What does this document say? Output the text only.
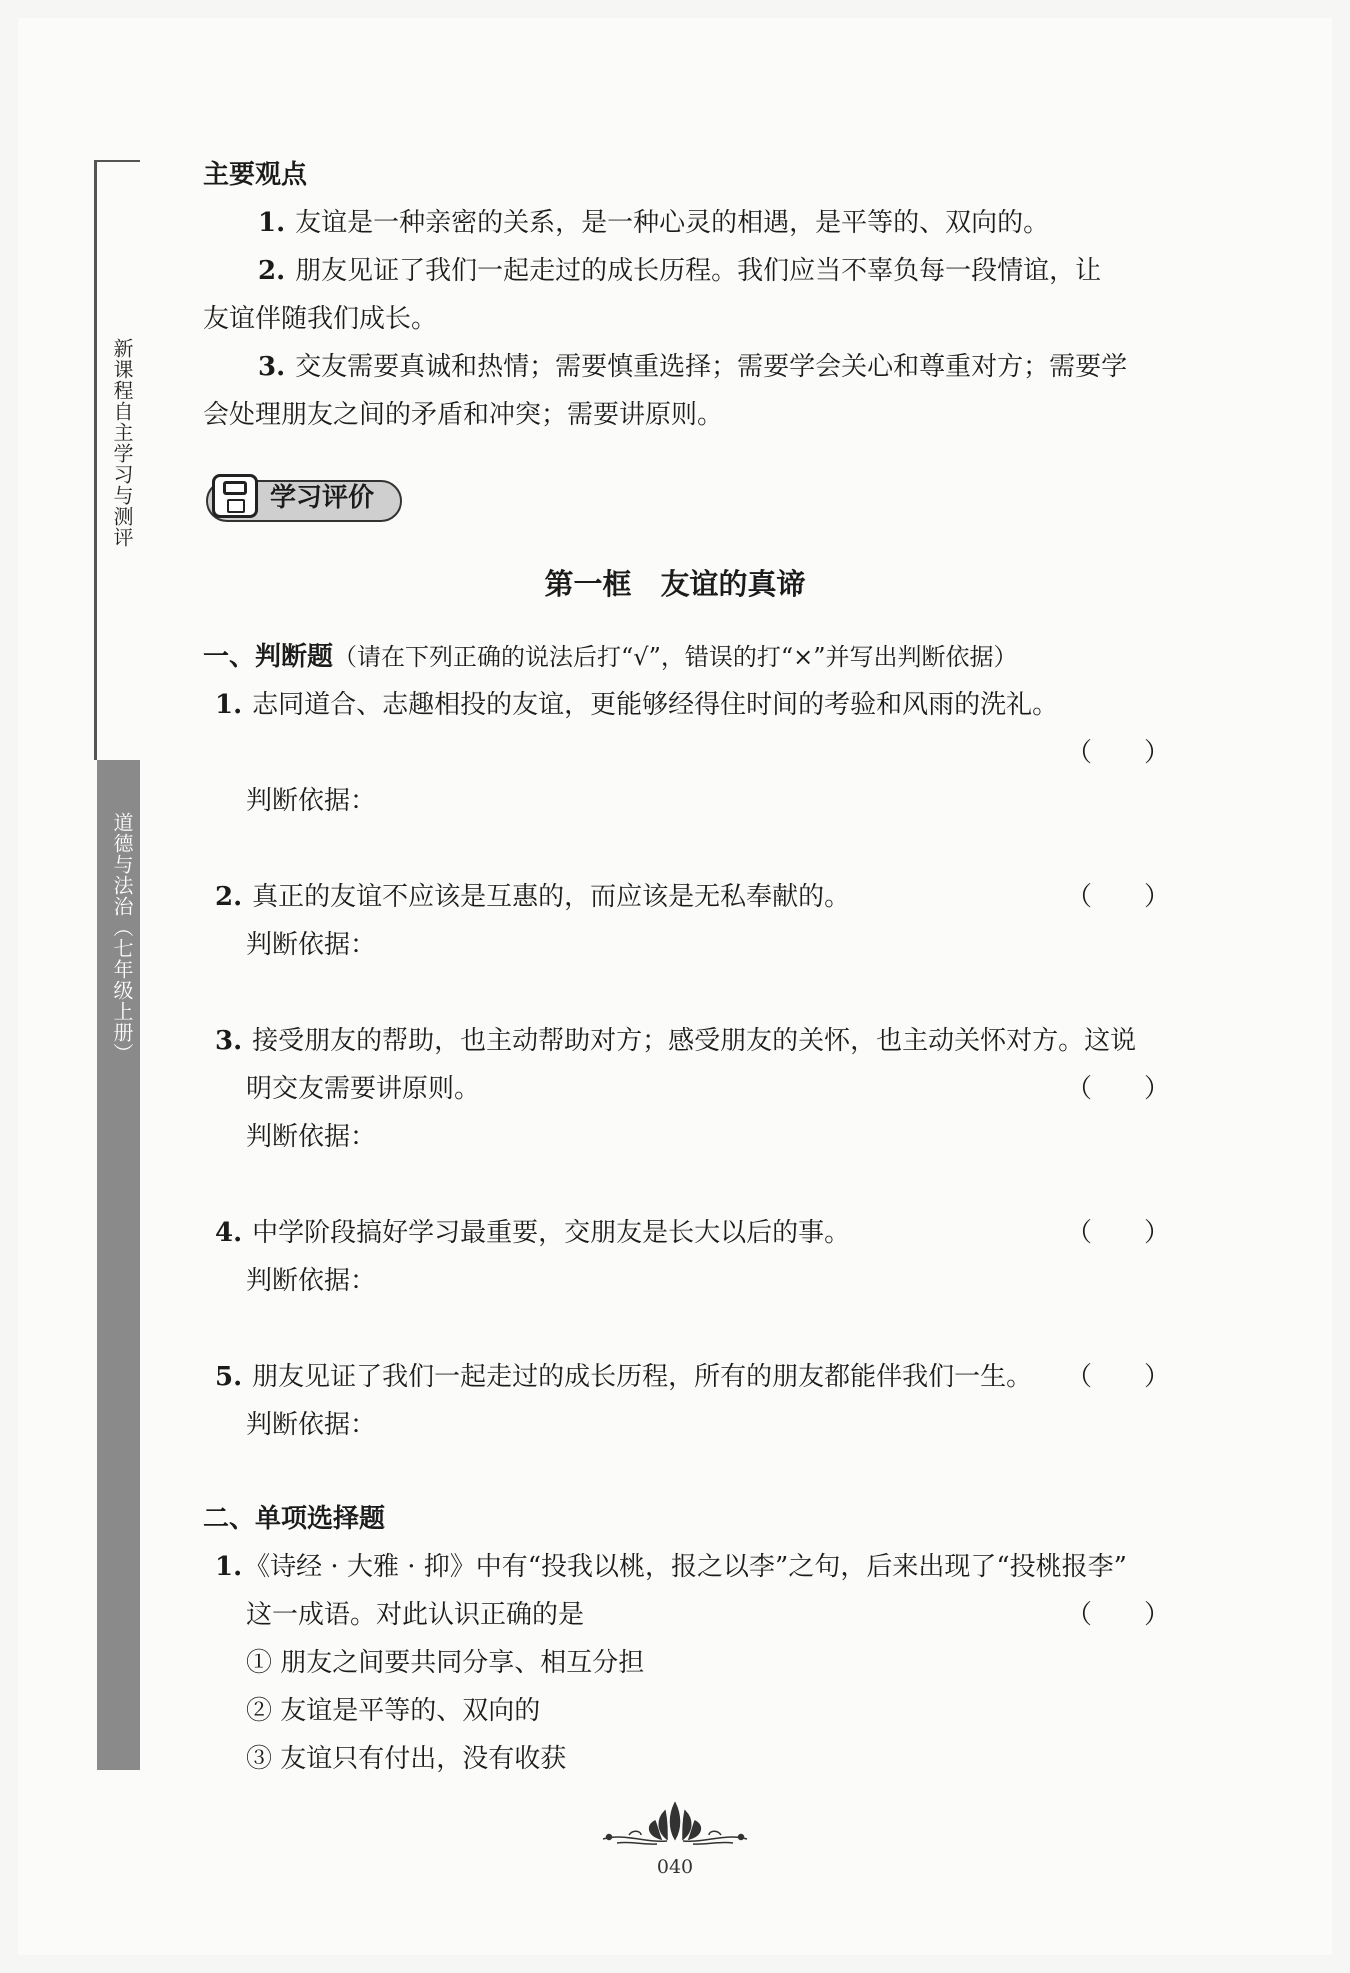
新课程自主学习与测评
道德与法治（七年级上册）
主要观点
1. 友谊是一种亲密的关系，是一种心灵的相遇，是平等的、双向的。
2. 朋友见证了我们一起走过的成长历程。我们应当不辜负每一段情谊，让
友谊伴随我们成长。
3. 交友需要真诚和热情；需要慎重选择；需要学会关心和尊重对方；需要学
会处理朋友之间的矛盾和冲突；需要讲原则。
学习评价
第一框　友谊的真谛
一、判断题（请在下列正确的说法后打“√”，错误的打“×”并写出判断依据）
1. 志同道合、志趣相投的友谊，更能够经得住时间的考验和风雨的洗礼。
（　　）
判断依据：
2. 真正的友谊不应该是互惠的，而应该是无私奉献的。	（　　）
判断依据：
3. 接受朋友的帮助，也主动帮助对方；感受朋友的关怀，也主动关怀对方。这说
明交友需要讲原则。	（　　）
判断依据：
4. 中学阶段搞好学习最重要，交朋友是长大以后的事。	（　　）
判断依据：
5. 朋友见证了我们一起走过的成长历程，所有的朋友都能伴我们一生。 （　　）
判断依据：
二、单项选择题
1.《诗经 · 大雅 · 抑》中有“投我以桃，报之以李”之句，后来出现了“投桃报李”
这一成语。对此认识正确的是	（　　）
① 朋友之间要共同分享、相互分担
② 友谊是平等的、双向的
③ 友谊只有付出，没有收获
040
